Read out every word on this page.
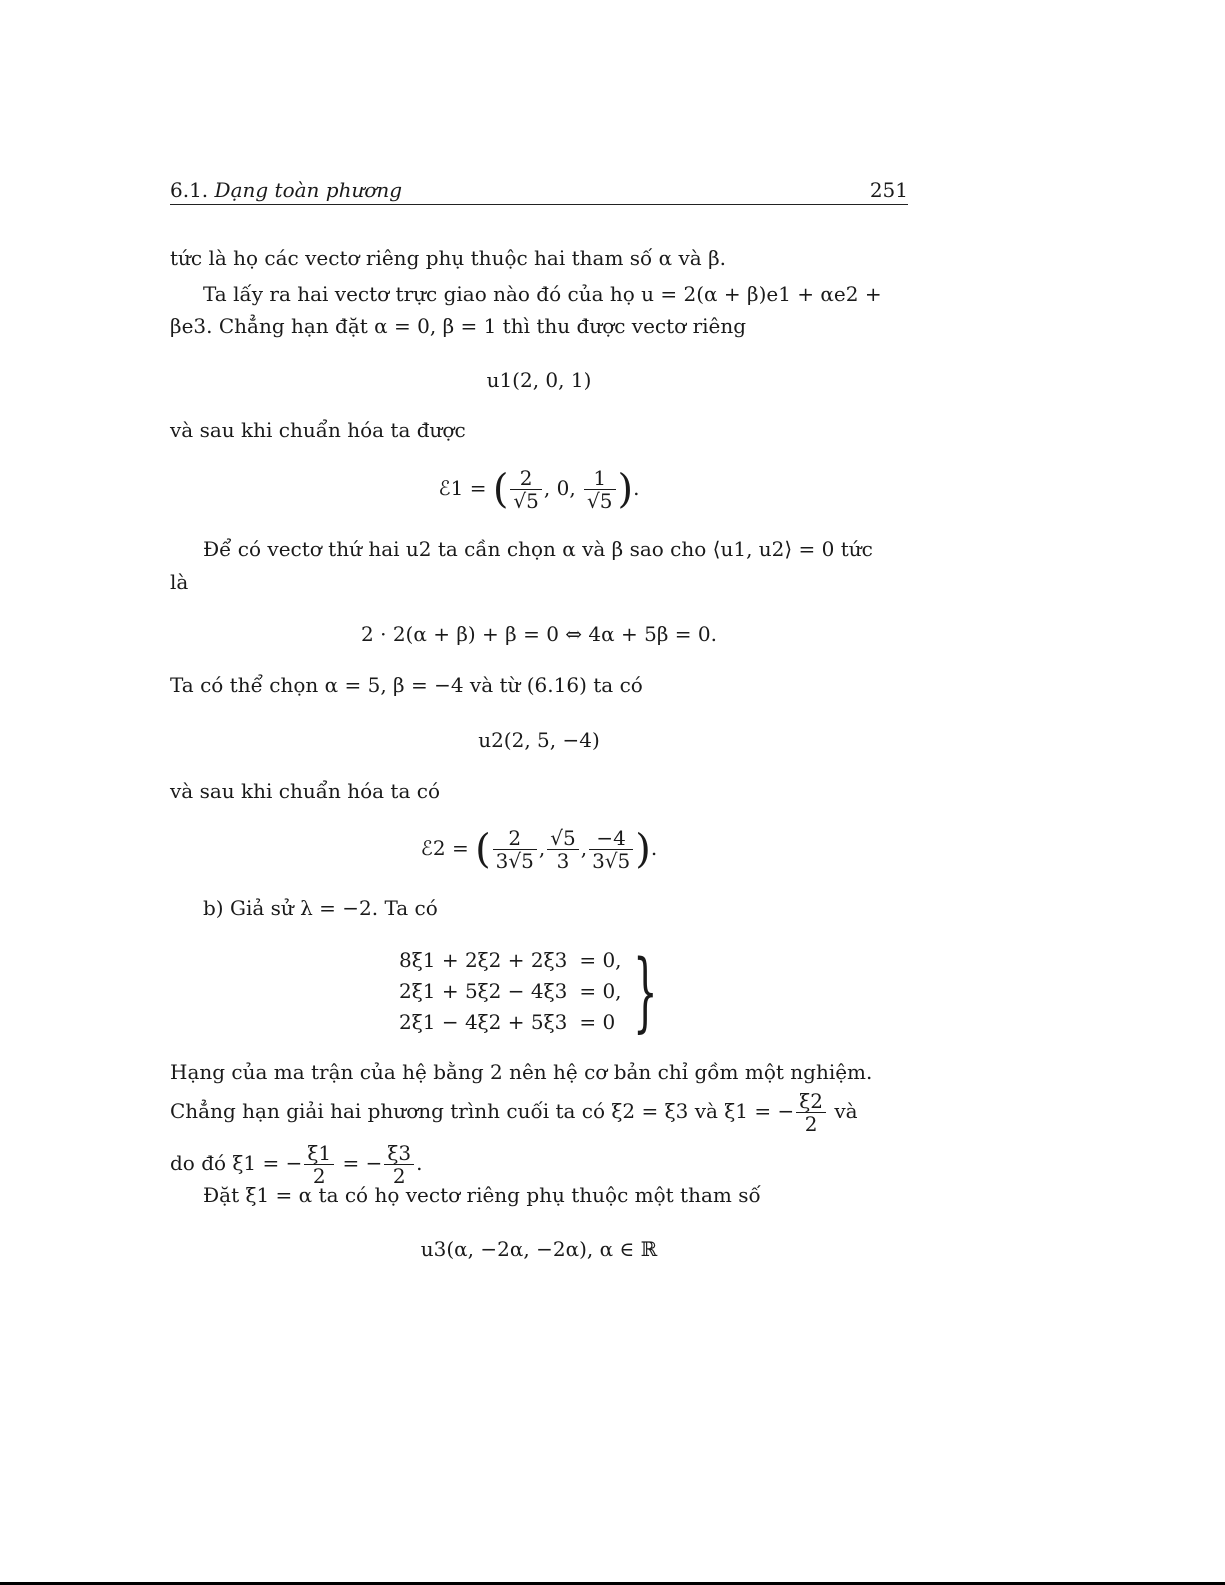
6.1. Dạng toàn phương	251
tức là họ các vectơ riêng phụ thuộc hai tham số α và β.
Ta lấy ra hai vectơ trực giao nào đó của họ u = 2(α + β)e1 + αe2 +
βe3. Chẳng hạn đặt α = 0, β = 1 thì thu được vectơ riêng
u1(2, 0, 1)
và sau khi chuẩn hóa ta được
ℰ1 = ( $\frac{2}{√5}$ , 0, $\frac{1}{√5}$ ).
Để có vectơ thứ hai u2 ta cần chọn α và β sao cho ⟨u1, u2⟩ = 0 tức
là
2 · 2(α + β) + β = 0 ⇔ 4α + 5β = 0.
Ta có thể chọn α = 5, β = −4 và từ (6.16) ta có
u2(2, 5, −4)
và sau khi chuẩn hóa ta có
ℰ2 = ( $\frac{2}{3√5}$ , $\frac{√5}{3}$ , $\frac{-4}{3√5}$ ).
b) Giả sử λ = −2. Ta có
8ξ1 + 2ξ2 + 2ξ3	= 0,
2ξ1 + 5ξ2 − 4ξ3	= 0,
2ξ1 − 4ξ2 + 5ξ3	= 0 }
Hạng của ma trận của hệ bằng 2 nên hệ cơ bản chỉ gồm một nghiệm.
Chẳng hạn giải hai phương trình cuối ta có ξ2 = ξ3 và ξ1 = − $\frac{\xi 2}{2}$ và
do đó ξ1 = − $\frac{\xi 1}{2}$ = − $\frac{\xi 3}{2}$ .
Đặt ξ1 = α ta có họ vectơ riêng phụ thuộc một tham số
u3(α, −2α, −2α), α ∈ ℝ
